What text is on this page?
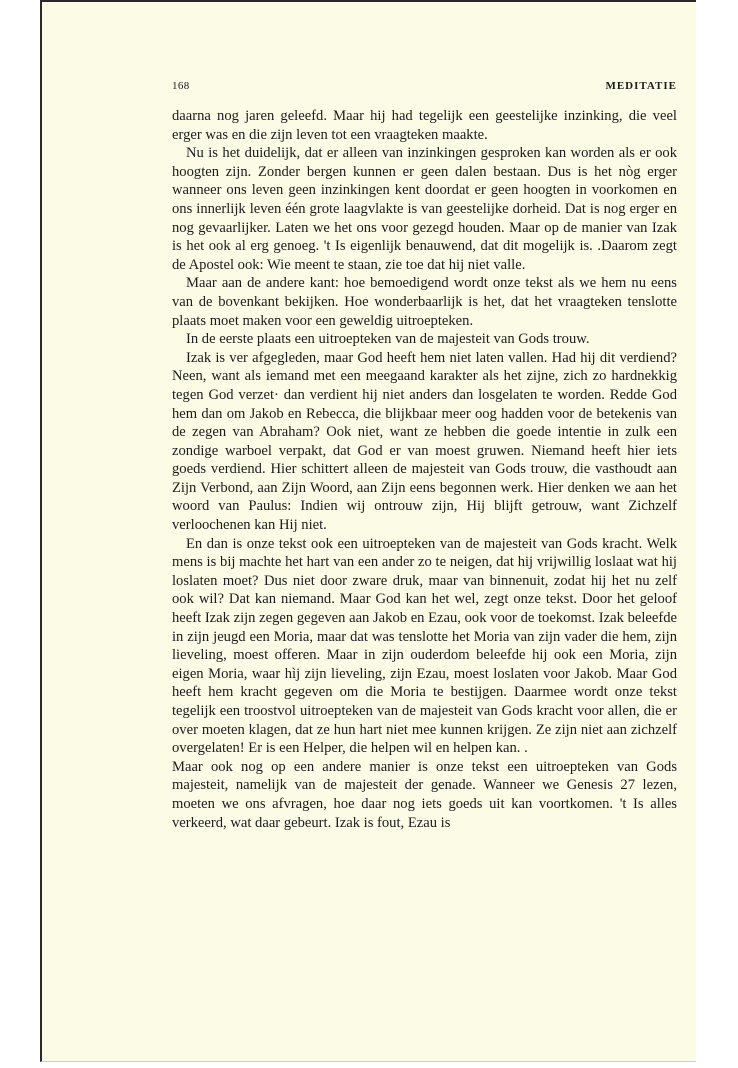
168	MEDITATIE

daarna nog jaren geleefd. Maar hij had tegelijk een geestelijke inzinking, die veel erger was en die zijn leven tot een vraagteken maakte.

Nu is het duidelijk, dat er alleen van inzinkingen gesproken kan worden als er ook hoogten zijn. Zonder bergen kunnen er geen dalen bestaan. Dus is het nòg erger wanneer ons leven geen inzinkingen kent doordat er geen hoogten in voorkomen en ons innerlijk leven één grote laagvlakte is van geestelijke dorheid. Dat is nog erger en nog gevaarlijker. Laten we het ons voor gezegd houden. Maar op de manier van Izak is het ook al erg genoeg. 't Is eigenlijk benauwend, dat dit mogelijk is. .Daarom zegt de Apostel ook: Wie meent te staan, zie toe dat hij niet valle.

Maar aan de andere kant: hoe bemoedigend wordt onze tekst als we hem nu eens van de bovenkant bekijken. Hoe wonderbaarlijk is het, dat het vraagteken tenslotte plaats moet maken voor een geweldig uitroepteken.

In de eerste plaats een uitroepteken van de majesteit van Gods trouw.

Izak is ver afgegleden, maar God heeft hem niet laten vallen. Had hij dit verdiend? Neen, want als iemand met een meegaand karakter als het zijne, zich zo hardnekkig tegen God verzet· dan verdient hij niet anders dan losgelaten te worden. Redde God hem dan om Jakob en Rebecca, die blijkbaar meer oog hadden voor de betekenis van de zegen van Abraham? Ook niet, want ze hebben die goede intentie in zulk een zondige warboel verpakt, dat God er van moest gruwen. Niemand heeft hier iets goeds verdiend. Hier schittert alleen de majesteit van Gods trouw, die vasthoudt aan Zijn Verbond, aan Zijn Woord, aan Zijn eens begonnen werk. Hier denken we aan het woord van Paulus: Indien wij ontrouw zijn, Hij blijft getrouw, want Zichzelf verloochenen kan Hij niet.

En dan is onze tekst ook een uitroepteken van de majesteit van Gods kracht. Welk mens is bij machte het hart van een ander zo te neigen, dat hij vrijwillig loslaat wat hij loslaten moet? Dus niet door zware druk, maar van binnenuit, zodat hij het nu zelf ook wil? Dat kan niemand. Maar God kan het wel, zegt onze tekst. Door het geloof heeft Izak zijn zegen gegeven aan Jakob en Ezau, ook voor de toekomst. Izak beleefde in zijn jeugd een Moria, maar dat was tenslotte het Moria van zijn vader die hem, zijn lieveling, moest offeren. Maar in zijn ouderdom beleefde hij ook een Moria, zijn eigen Moria, waar hìj zijn lieveling, zijn Ezau, moest loslaten voor Jakob. Maar God heeft hem kracht gegeven om die Moria te bestijgen. Daarmee wordt onze tekst tegelijk een troostvol uitroepteken van de majesteit van Gods kracht voor allen, die er over moeten klagen, dat ze hun hart niet mee kunnen krijgen. Ze zijn niet aan zichzelf overgelaten! Er is een Helper, die helpen wil en helpen kan. .

Maar ook nog op een andere manier is onze tekst een uitroepteken van Gods majesteit, namelijk van de majesteit der genade. Wanneer we Genesis 27 lezen, moeten we ons afvragen, hoe daar nog iets goeds uit kan voortkomen. 't Is alles verkeerd, wat daar gebeurt. Izak is fout, Ezau is
